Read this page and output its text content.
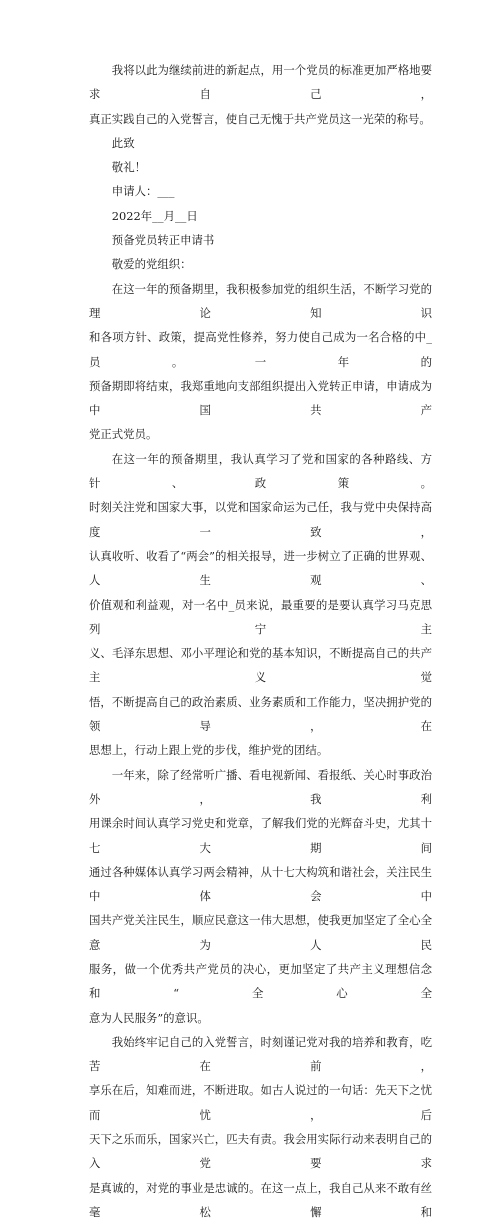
我将以此为继续前进的新起点，用一个党员的标准更加严格地要求自己，
真正实践自己的入党誓言，使自己无愧于共产党员这一光荣的称号。
此致
敬礼！
申请人：___
2022年__月__日
预备党员转正申请书
敬爱的党组织：
在这一年的预备期里，我积极参加党的组织生活，不断学习党的理论知识
和各项方针、政策，提高党性修养，努力使自己成为一名合格的中_员。一年的
预备期即将结束，我郑重地向支部组织提出入党转正申请，申请成为中国共产
党正式党员。
在这一年的预备期里，我认真学习了党和国家的各种路线、方针、政策。
时刻关注党和国家大事，以党和国家命运为己任，我与党中央保持高度一致，
认真收听、收看了“两会”的相关报导，进一步树立了正确的世界观、人生观、
价值观和利益观，对一名中_员来说，最重要的是要认真学习马克思列宁主
义、毛泽东思想、邓小平理论和党的基本知识，不断提高自己的共产主义觉
悟，不断提高自己的政治素质、业务素质和工作能力，坚决拥护党的领导，在
思想上，行动上跟上党的步伐，维护党的团结。
一年来，除了经常听广播、看电视新闻、看报纸、关心时事政治外，我利
用课余时间认真学习党史和党章，了解我们党的光辉奋斗史，尤其十七大期间
通过各种媒体认真学习两会精神，从十七大构筑和谐社会，关注民生中体会中
国共产党关注民生，顺应民意这一伟大思想，使我更加坚定了全心全意为人民
服务，做一个优秀共产党员的决心，更加坚定了共产主义理想信念和“全心全
意为人民服务”的意识。
我始终牢记自己的入党誓言，时刻谨记党对我的培养和教育，吃苦在前，
享乐在后，知难而进，不断进取。如古人说过的一句话：先天下之忧而忧，后
天下之乐而乐，国家兴亡，匹夫有责。我会用实际行动来表明自己的入党要求
是真诚的，对党的事业是忠诚的。在这一点上，我自己从来不敢有丝毫松懈和
